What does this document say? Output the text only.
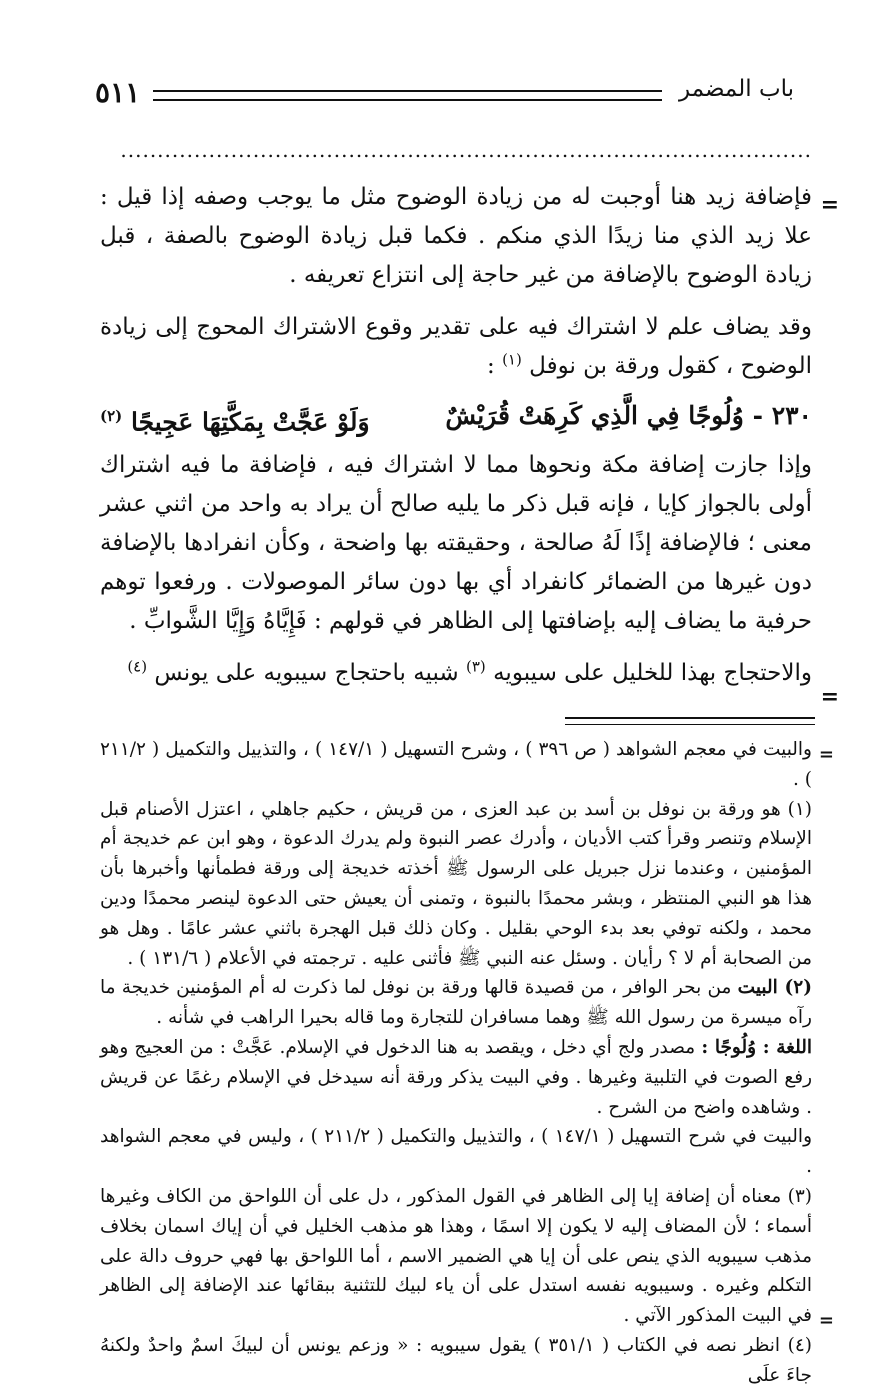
باب المضمر
٥١١
..............................................................................................
=

فإضافة زيد هنا أوجبت له من زيادة الوضوح مثل ما يوجب وصفه إذا قيل : علا زيد الذي منا زيدًا الذي منكم . فكما قبل زيادة الوضوح بالصفة ، قبل زيادة الوضوح بالإضافة من غير حاجة إلى انتزاع تعريفه .

وقد يضاف علم لا اشتراك فيه على تقدير وقوع الاشتراك المحوج إلى زيادة الوضوح ، كقول ورقة بن نوفل $^{(١)}$ :

٢٣٠ - وُلُوجًا فِي الَّذِي كَرِهَتْ قُرَيْشٌ
وَلَوْ عَجَّتْ بِمَكَّتِهَا عَجِيجًا $^{(٢)}$

وإذا جازت إضافة مكة ونحوها مما لا اشتراك فيه ، فإضافة ما فيه اشتراك أولى بالجواز كإيا ، فإنه قبل ذكر ما يليه صالح أن يراد به واحد من اثني عشر معنى ؛ فالإضافة إذًا لَهُ صالحة ، وحقيقته بها واضحة ، وكأن انفرادها بالإضافة دون غيرها من الضمائر كانفراد أي بها دون سائر الموصولات . ورفعوا توهم حرفية ما يضاف إليه بإضافتها إلى الظاهر في قولهم : فَإِيَّاهُ وَإِيَّا الشَّوابِّ .

والاحتجاج بهذا للخليل على سيبويه $^{(٣)}$ شبيه باحتجاج سيبويه على يونس $^{(٤)}$

=
=

والبيت في معجم الشواهد ( ص ٣٩٦ ) ، وشرح التسهيل ( ١٤٧/١ ) ، والتذييل والتكميل ( ٢١١/٢ ) .

(١) هو ورقة بن نوفل بن أسد بن عبد العزى ، من قريش ، حكيم جاهلي ، اعتزل الأصنام قبل الإسلام وتنصر وقرأ كتب الأديان ، وأدرك عصر النبوة ولم يدرك الدعوة ، وهو ابن عم خديجة أم المؤمنين ، وعندما نزل جبريل على الرسول ﷺ أخذته خديجة إلى ورقة فطمأنها وأخبرها بأن هذا هو النبي المنتظر ، وبشر محمدًا بالنبوة ، وتمنى أن يعيش حتى الدعوة لينصر محمدًا ودين محمد ، ولكنه توفي بعد بدء الوحي بقليل . وكان ذلك قبل الهجرة باثني عشر عامًا . وهل هو من الصحابة أم لا ؟ رأيان . وسئل عنه النبي ﷺ فأثنى عليه . ترجمته في الأعلام ( ١٣١/٦ ) .

(٢) البيت من بحر الوافر ، من قصيدة قالها ورقة بن نوفل لما ذكرت له أم المؤمنين خديجة ما رآه ميسرة من رسول الله ﷺ وهما مسافران للتجارة وما قاله بحيرا الراهب في شأنه .

اللغة : وُلُوجًا : مصدر ولج أي دخل ، ويقصد به هنا الدخول في الإسلام. عَجَّتْ : من العجيج وهو رفع الصوت في التلبية وغيرها . وفي البيت يذكر ورقة أنه سيدخل في الإسلام رغمًا عن قريش . وشاهده واضح من الشرح .

والبيت في شرح التسهيل ( ١٤٧/١ ) ، والتذييل والتكميل ( ٢١١/٢ ) ، وليس في معجم الشواهد .

(٣) معناه أن إضافة إيا إلى الظاهر في القول المذكور ، دل على أن اللواحق من الكاف وغيرها أسماء ؛ لأن المضاف إليه لا يكون إلا اسمًا ، وهذا هو مذهب الخليل في أن إياك اسمان بخلاف مذهب سيبويه الذي ينص على أن إيا هي الضمير الاسم ، أما اللواحق بها فهي حروف دالة على التكلم وغيره . وسيبويه نفسه استدل على أن ياء لبيك للتثنية ببقائها عند الإضافة إلى الظاهر في البيت المذكور الآتي .

(٤) انظر نصه في الكتاب ( ٣٥١/١ ) يقول سيبويه : « وزعم يونس أن لبيكَ اسمٌ واحدٌ ولكنهُ جاءَ علَى

=
